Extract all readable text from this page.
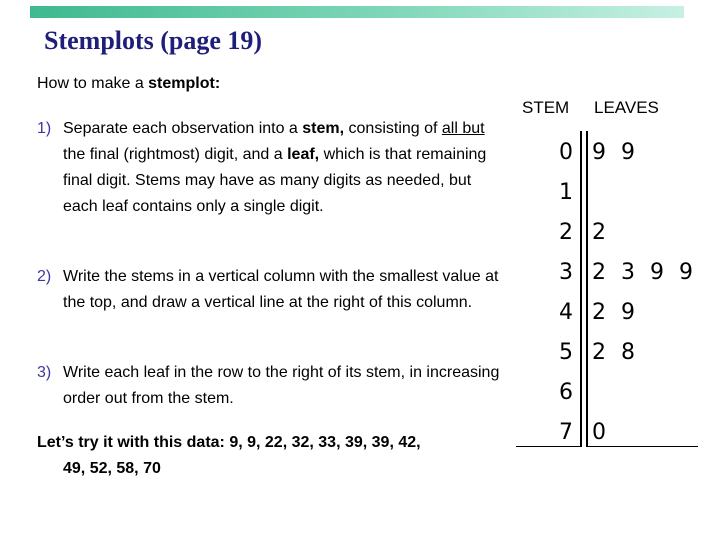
Stemplots (page 19)
How to make a stemplot:
1) Separate each observation into a stem, consisting of all but the final (rightmost) digit, and a leaf, which is that remaining final digit. Stems may have as many digits as needed, but each leaf contains only a single digit.
2) Write the stems in a vertical column with the smallest value at the top, and draw a vertical line at the right of this column.
3) Write each leaf in the row to the right of its stem, in increasing order out from the stem.
Let’s try it with this data: 9, 9, 22, 32, 33, 39, 39, 42,
49, 52, 58, 70
STEM LEAVES
0 9 9
1
2 2
3 2 3 9 9
4 2 9
5 2 8
6
7 0
